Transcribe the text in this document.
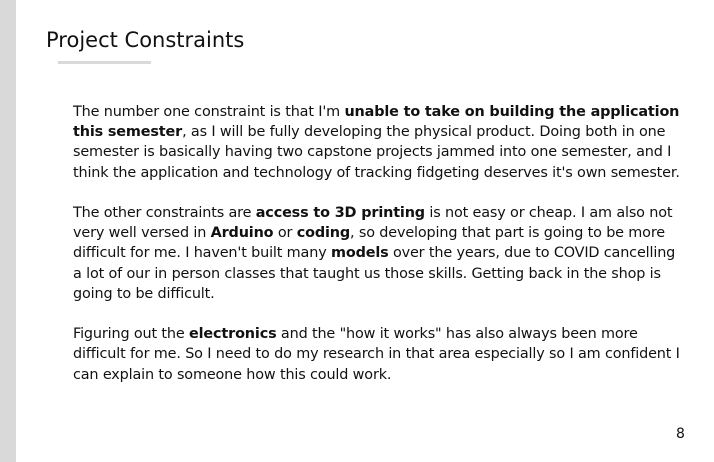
Project Constraints

The number one constraint is that I'm unable to take on building the application this semester, as I will be fully developing the physical product. Doing both in one semester is basically having two capstone projects jammed into one semester, and I think the application and technology of tracking fidgeting deserves it's own semester.

The other constraints are access to 3D printing is not easy or cheap. I am also not very well versed in Arduino or coding, so developing that part is going to be more difficult for me. I haven't built many models over the years, due to COVID cancelling a lot of our in person classes that taught us those skills. Getting back in the shop is going to be difficult.

Figuring out the electronics and the "how it works" has also always been more difficult for me. So I need to do my research in that area especially so I am confident I can explain to someone how this could work.

8
